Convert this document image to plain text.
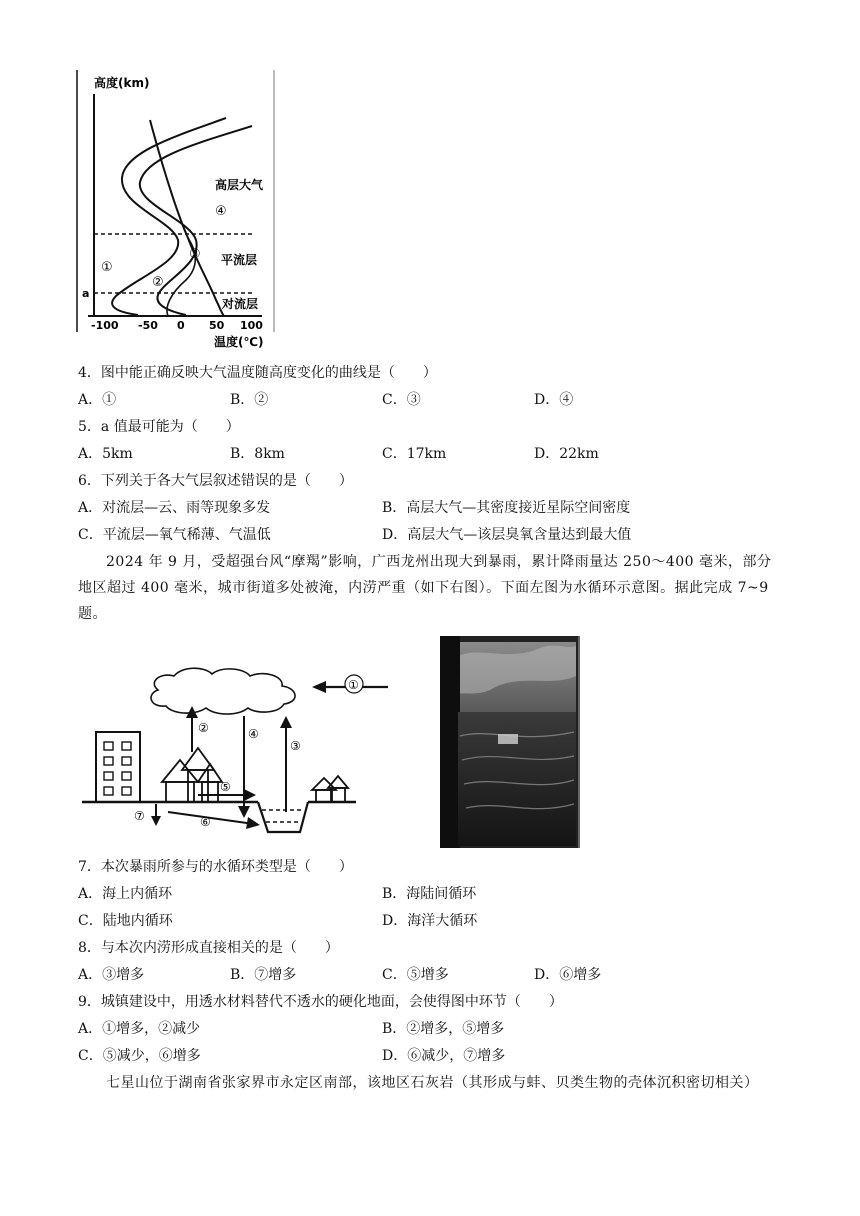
高度(km)
a
高层大气
平流层
对流层
①
②
③
④
-100 -50 0 50 100
温度(℃)
4．图中能正确反映大气温度随高度变化的曲线是（　　）
A．①	B．②	C．③	D．④
5．a 值最可能为（　　）
A．5km	B．8km	C．17km	D．22km
6．下列关于各大气层叙述错误的是（　　）
A．对流层—云、雨等现象多发	B．高层大气—其密度接近星际空间密度
C．平流层—氧气稀薄、气温低	D．高层大气—该层臭氧含量达到最大值
2024 年 9 月，受超强台风“摩羯”影响，广西龙州出现大到暴雨，累计降雨量达 250～400 毫米，部分地区超过 400 毫米，城市街道多处被淹，内涝严重（如下右图）。下面左图为水循环示意图。据此完成 7~9 题。
①
②	④
③
⑤
⑦	⑥
7．本次暴雨所参与的水循环类型是（　　）
A．海上内循环	B．海陆间循环
C．陆地内循环	D．海洋大循环
8．与本次内涝形成直接相关的是（　　）
A．③增多	B．⑦增多	C．⑤增多	D．⑥增多
9．城镇建设中，用透水材料替代不透水的硬化地面，会使得图中环节（　　）
A．①增多，②减少	B．②增多，⑤增多
C．⑤减少，⑥增多	D．⑥减少，⑦增多
七星山位于湖南省张家界市永定区南部，该地区石灰岩（其形成与蚌、贝类生物的壳体沉积密切相关）
